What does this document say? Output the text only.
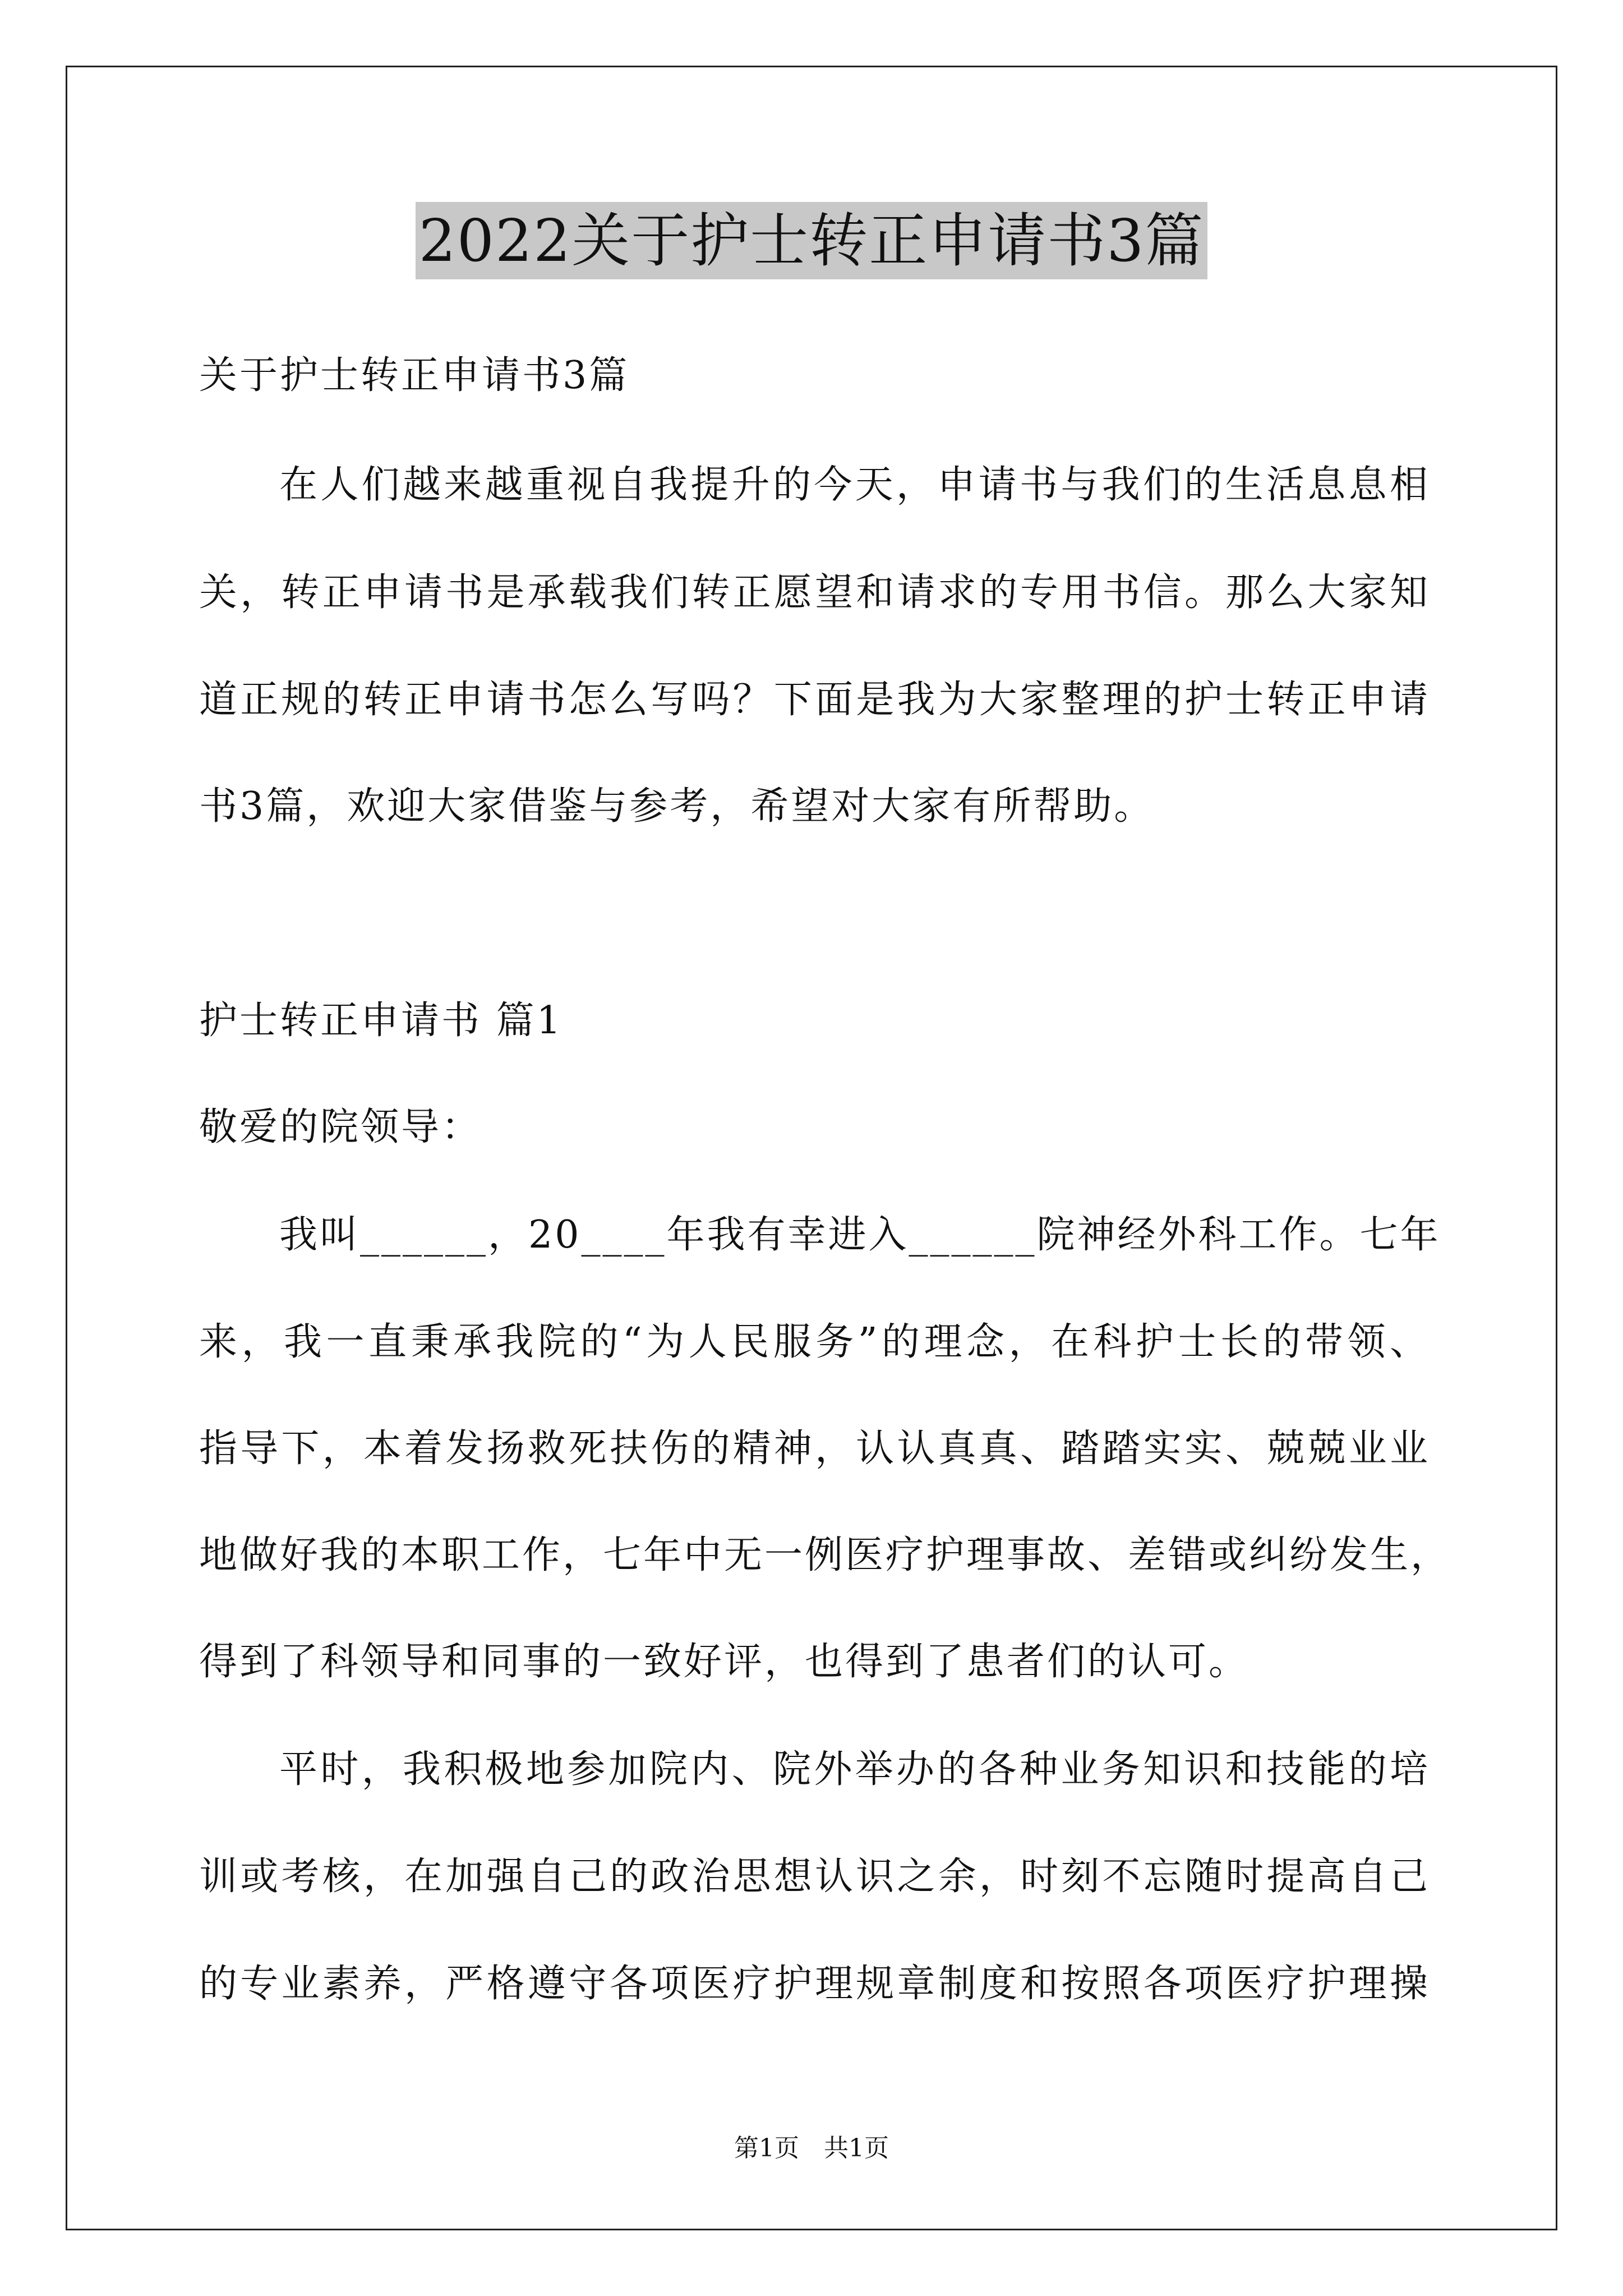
2022关于护士转正申请书3篇
关于护士转正申请书3篇
在人们越来越重视自我提升的今天，申请书与我们的生活息息相
关，转正申请书是承载我们转正愿望和请求的专用书信。那么大家知
道正规的转正申请书怎么写吗？下面是我为大家整理的护士转正申请
书3篇，欢迎大家借鉴与参考，希望对大家有所帮助。
护士转正申请书 篇1
敬爱的院领导：
我叫______，20____年我有幸进入______院神经外科工作。七年
来，我一直秉承我院的“为人民服务”的理念，在科护士长的带领、
指导下，本着发扬救死扶伤的精神，认认真真、踏踏实实、兢兢业业
地做好我的本职工作，七年中无一例医疗护理事故、差错或纠纷发生，
得到了科领导和同事的一致好评，也得到了患者们的认可。
平时，我积极地参加院内、院外举办的各种业务知识和技能的培
训或考核，在加强自己的政治思想认识之余，时刻不忘随时提高自己
的专业素养，严格遵守各项医疗护理规章制度和按照各项医疗护理操
第1页　共1页
